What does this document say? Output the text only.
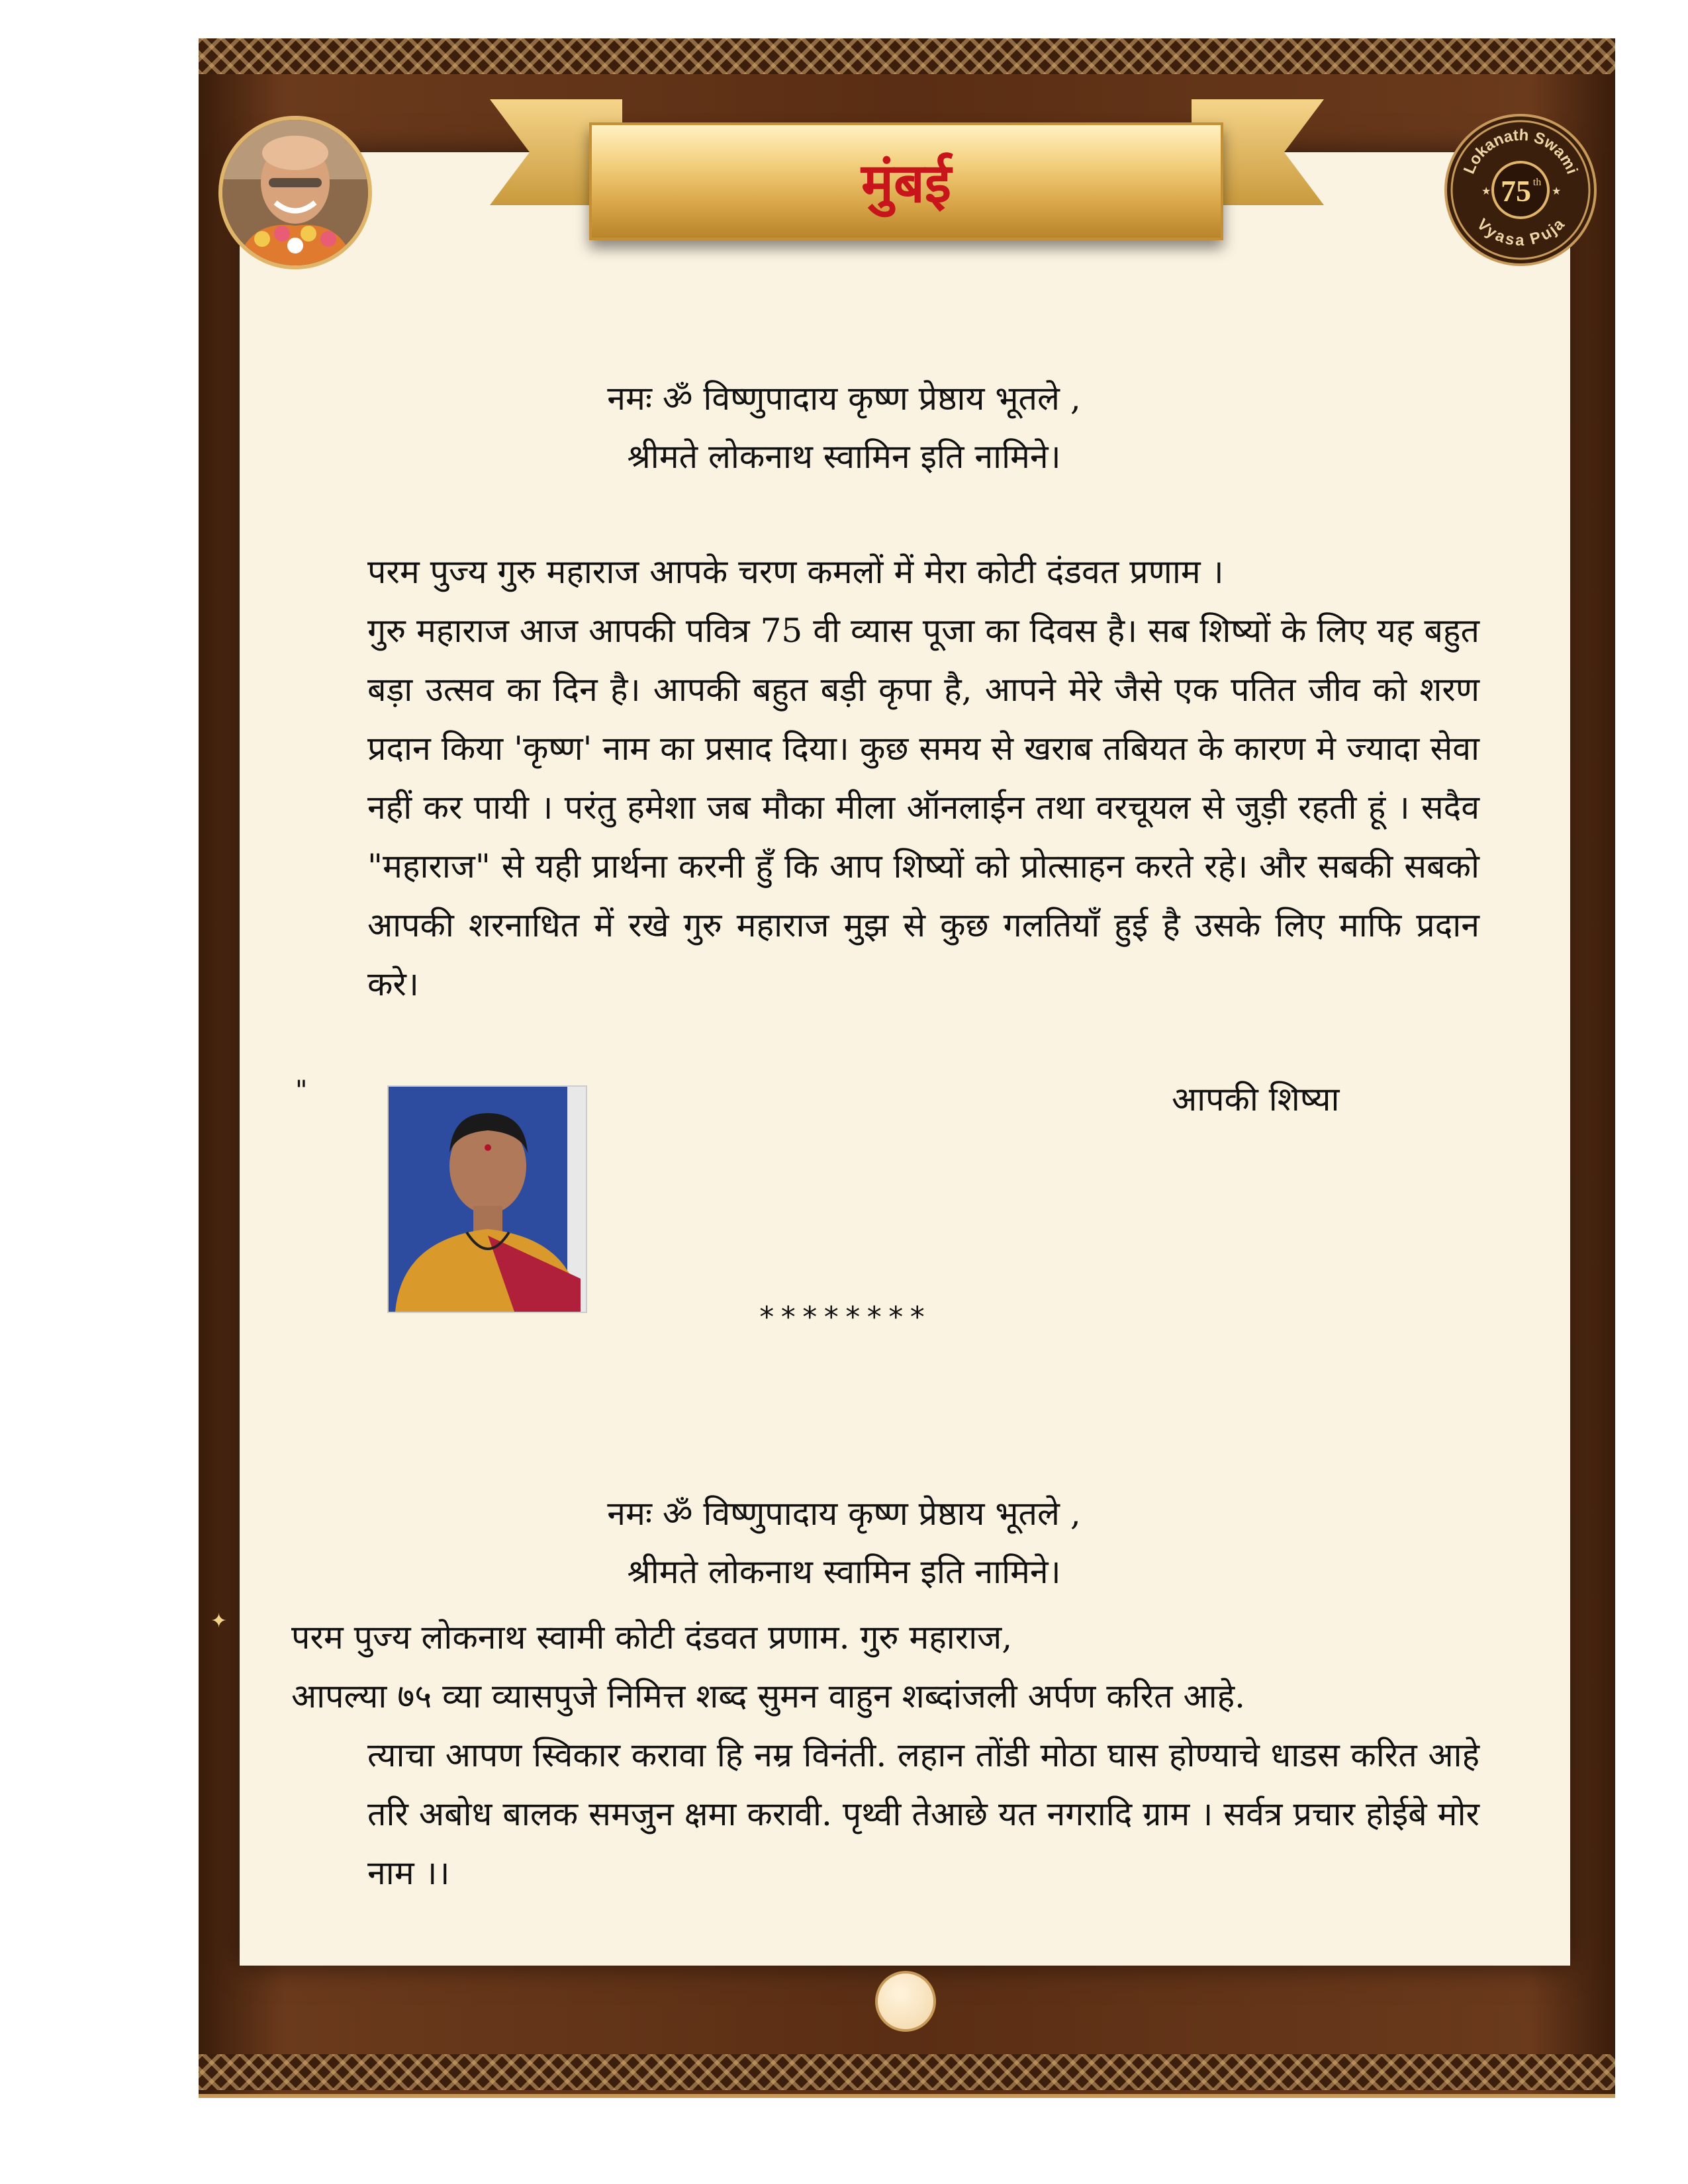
मुंबई	Lokanath Swami
Vyasa Puja
75 th
★	★
नमः ॐ विष्णुपादाय कृष्ण प्रेष्ठाय भूतले ,
श्रीमते लोकनाथ स्वामिन इति नामिने।

परम पुज्य गुरु महाराज आपके चरण कमलों में मेरा कोटी दंडवत प्रणाम ।

गुरु महाराज आज आपकी पवित्र 75 वी व्यास पूजा का दिवस है। सब शिष्यों के लिए यह बहुत बड़ा उत्सव का दिन है। आपकी बहुत बड़ी कृपा है, आपने मेरे जैसे एक पतित जीव को शरण प्रदान किया 'कृष्ण' नाम का प्रसाद दिया। कुछ समय से खराब तबियत के कारण मे ज्यादा सेवा नहीं कर पायी । परंतु हमेशा जब मौका मीला ऑनलाईन तथा वरचूयल से जुड़ी रहती हूं । सदैव "महाराज" से यही प्रार्थना करनी हुँ कि आप शिष्यों को प्रोत्साहन करते रहे। और सबकी सबको आपकी शरनाधित में रखे गुरु महाराज मुझ से कुछ गलतियाँ हुई है उसके लिए माफि प्रदान करे।

"	आपकी शिष्या
********
नमः ॐ विष्णुपादाय कृष्ण प्रेष्ठाय भूतले ,
श्रीमते लोकनाथ स्वामिन इति नामिने।
✦ परम पुज्य लोकनाथ स्वामी कोटी दंडवत प्रणाम. गुरु महाराज,

आपल्या ७५ व्या व्यासपुजे निमित्त शब्द सुमन वाहुन शब्दांजली अर्पण करित आहे.

त्याचा आपण स्विकार करावा हि नम्र विनंती. लहान तोंडी मोठा घास होण्याचे धाडस करित आहे तरि अबोध बालक समजुन क्षमा करावी. पृथ्वी तेआछे यत नगरादि ग्राम । सर्वत्र प्रचार होईबे मोर नाम ।।
